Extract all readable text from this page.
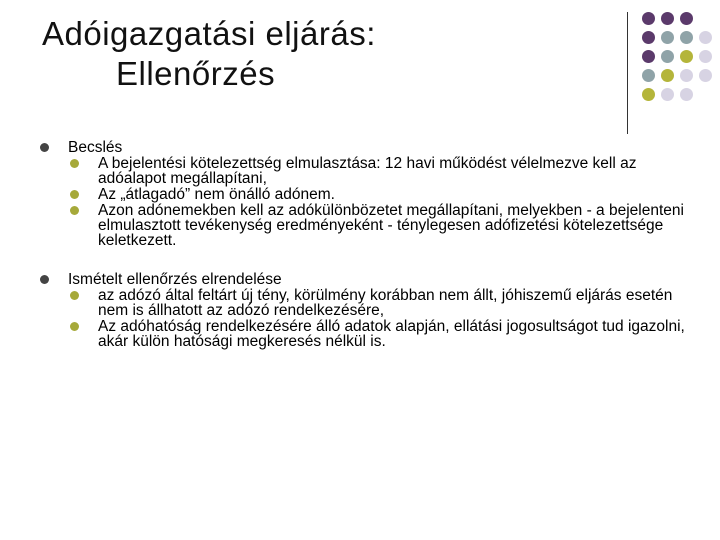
Adóigazgatási eljárás:
Ellenőrzés
Becslés
A bejelentési kötelezettség elmulasztása: 12 havi működést vélelmezve kell az adóalapot megállapítani,
Az „átlagadó” nem önálló adónem.
Azon adónemekben kell az adókülönbözetet megállapítani, melyekben - a bejelenteni elmulasztott tevékenység eredményeként - ténylegesen adófizetési kötelezettsége keletkezett.
Ismételt ellenőrzés elrendelése
az adózó által feltárt új tény, körülmény korábban nem állt, jóhiszemű eljárás esetén nem is állhatott az adózó rendelkezésére,
Az adóhatóság rendelkezésére álló adatok alapján, ellátási jogosultságot tud igazolni, akár külön hatósági megkeresés nélkül is.
